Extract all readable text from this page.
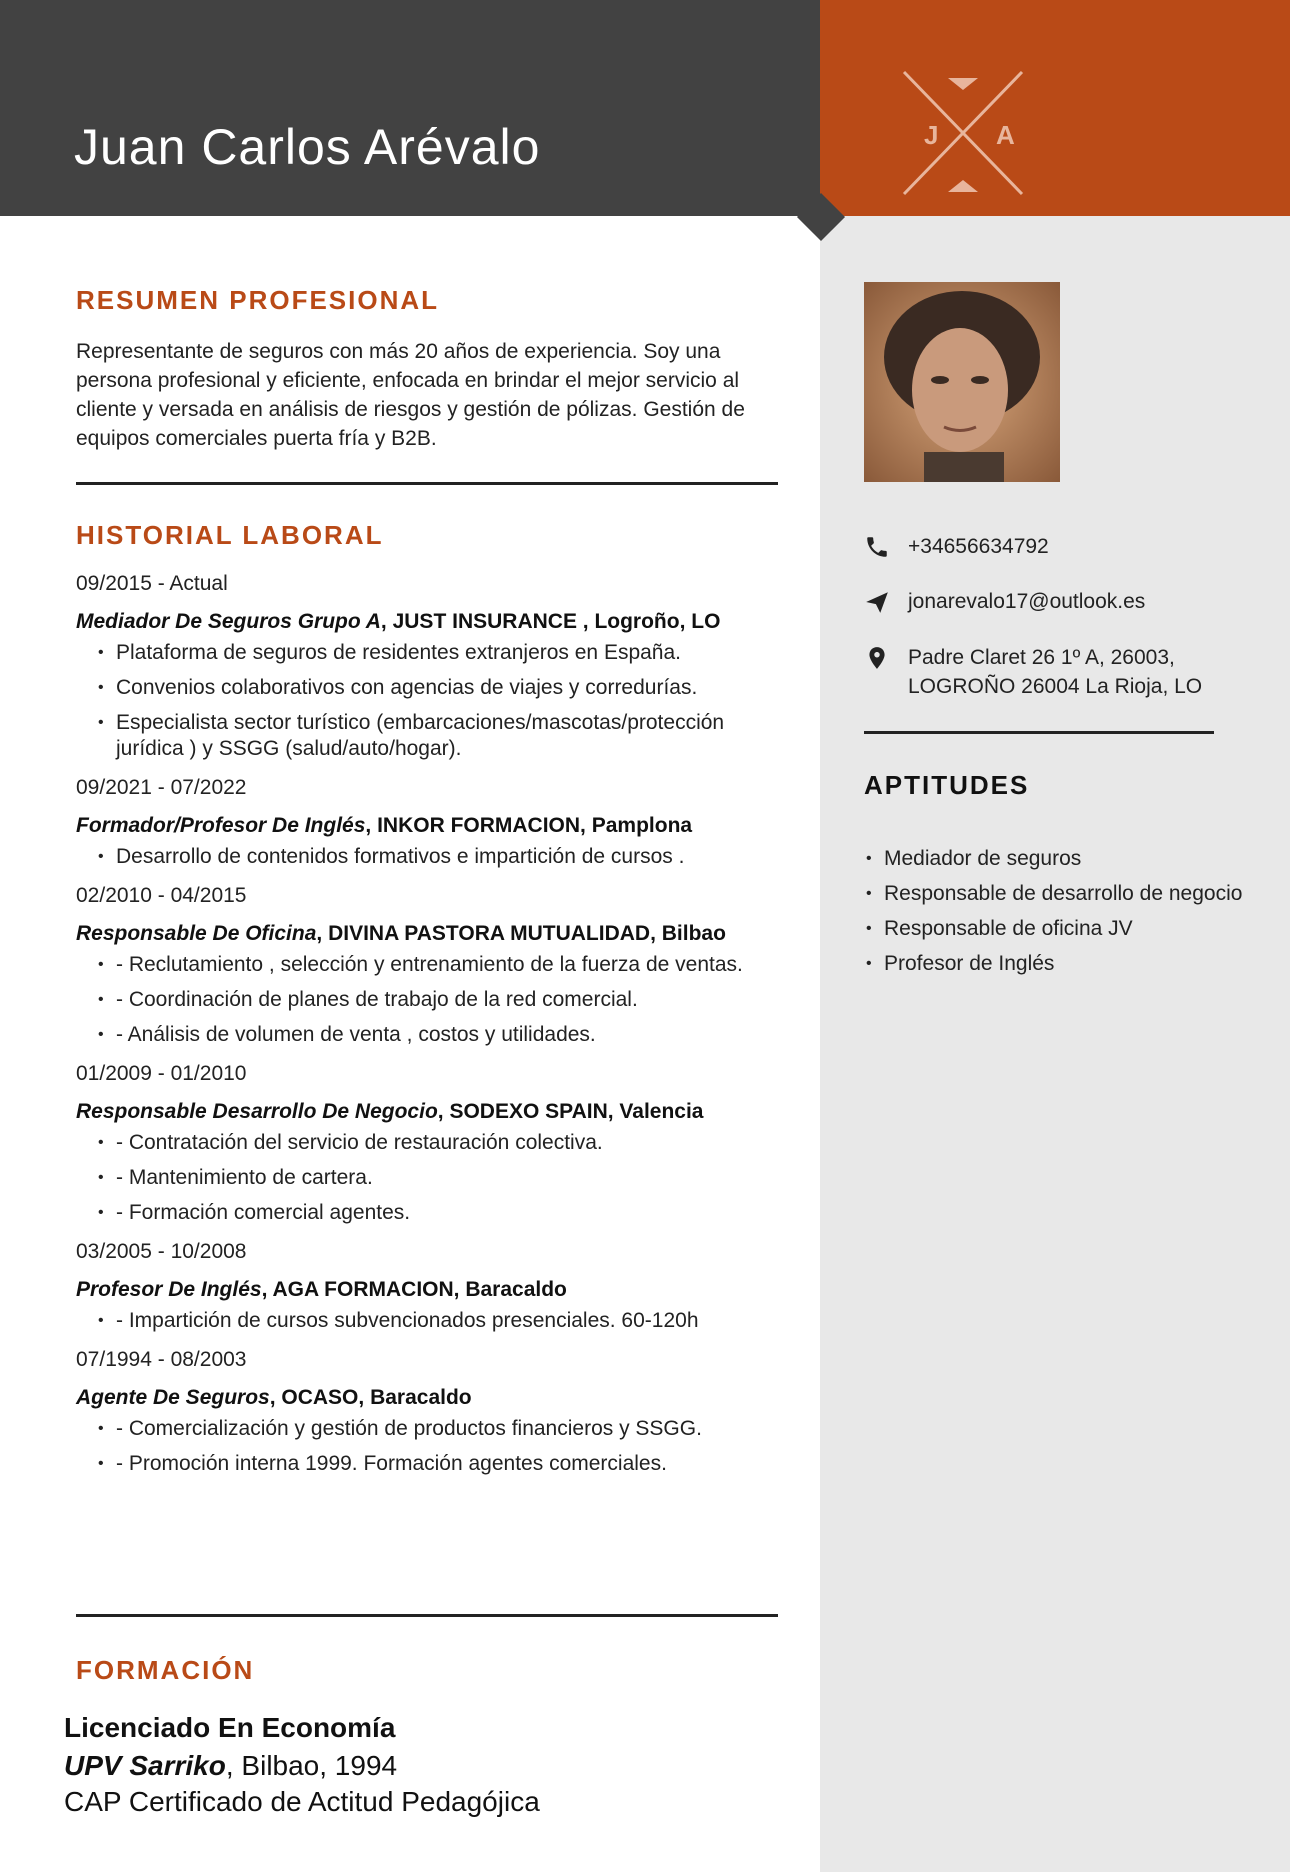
Juan Carlos Arévalo	J A
RESUMEN PROFESIONAL

Representante de seguros con más 20 años de experiencia. Soy una persona profesional y eficiente, enfocada en brindar el mejor servicio al cliente y versada en análisis de riesgos y gestión de pólizas. Gestión de equipos comerciales puerta fría y B2B.

HISTORIAL LABORAL
09/2015 - Actual
Mediador De Seguros Grupo A, JUST INSURANCE , Logroño, LO
• Plataforma de seguros de residentes extranjeros en España.
• Convenios colaborativos con agencias de viajes y corredurías.
• Especialista sector turístico (embarcaciones/mascotas/protección jurídica ) y SSGG (salud/auto/hogar).
09/2021 - 07/2022
Formador/Profesor De Inglés, INKOR FORMACION, Pamplona
• Desarrollo de contenidos formativos e impartición de cursos .
02/2010 - 04/2015
Responsable De Oficina, DIVINA PASTORA MUTUALIDAD, Bilbao
• - Reclutamiento , selección y entrenamiento de la fuerza de ventas.
• - Coordinación de planes de trabajo de la red comercial.
• - Análisis de volumen de venta , costos y utilidades.
01/2009 - 01/2010
Responsable Desarrollo De Negocio, SODEXO SPAIN, Valencia
• - Contratación del servicio de restauración colectiva.
• - Mantenimiento de cartera.
• - Formación comercial agentes.
03/2005 - 10/2008
Profesor De Inglés, AGA FORMACION, Baracaldo
• - Impartición de cursos subvencionados presenciales. 60-120h
07/1994 - 08/2003
Agente De Seguros, OCASO, Baracaldo
• - Comercialización y gestión de productos financieros y SSGG.
• - Promoción interna 1999. Formación agentes comerciales.
FORMACIÓN
Licenciado En Economía
UPV Sarriko, Bilbao, 1994
CAP Certificado de Actitud Pedagójica
+34656634792
jonarevalo17@outlook.es
Padre Claret 26 1º A, 26003, LOGROÑO 26004 La Rioja, LO
APTITUDES
• Mediador de seguros
• Responsable de desarrollo de negocio
• Responsable de oficina JV
• Profesor de Inglés
